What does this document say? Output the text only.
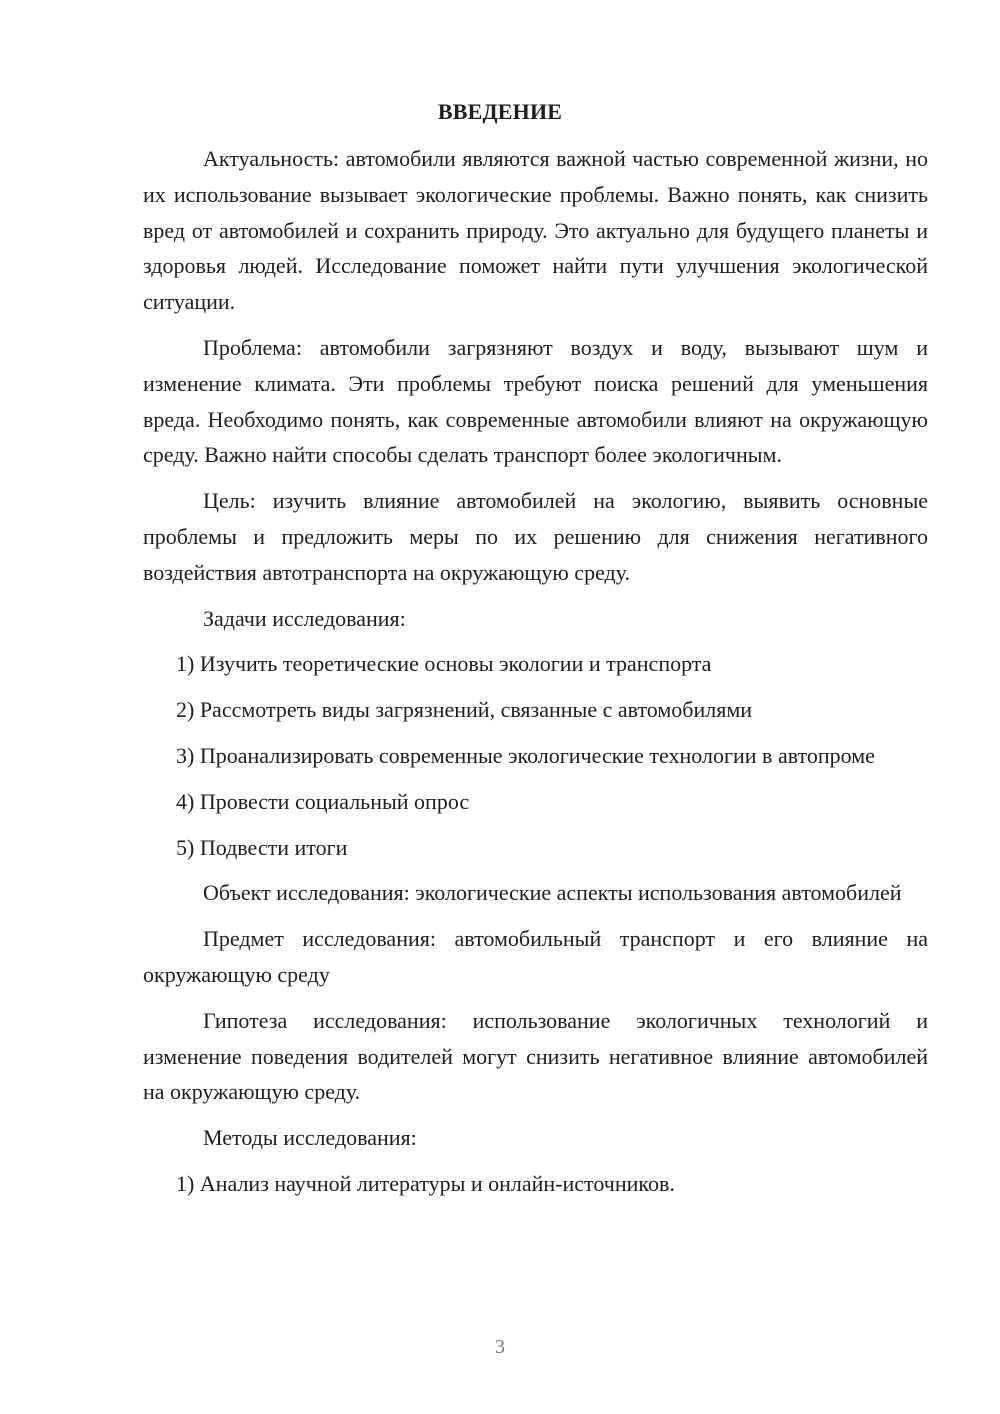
ВВЕДЕНИЕ

Актуальность: автомобили являются важной частью современной жизни, но их использование вызывает экологические проблемы. Важно понять, как снизить вред от автомобилей и сохранить природу. Это актуально для будущего планеты и здоровья людей. Исследование поможет найти пути улучшения экологической ситуации.

Проблема: автомобили загрязняют воздух и воду, вызывают шум и изменение климата. Эти проблемы требуют поиска решений для уменьшения вреда. Необходимо понять, как современные автомобили влияют на окружающую среду. Важно найти способы сделать транспорт более экологичным.

Цель: изучить влияние автомобилей на экологию, выявить основные проблемы и предложить меры по их решению для снижения негативного воздействия автотранспорта на окружающую среду.

Задачи исследования:

1) Изучить теоретические основы экологии и транспорта

2) Рассмотреть виды загрязнений, связанные с автомобилями

3) Проанализировать современные экологические технологии в автопроме

4) Провести социальный опрос

5) Подвести итоги

Объект исследования: экологические аспекты использования автомобилей

Предмет исследования: автомобильный транспорт и его влияние на окружающую среду

Гипотеза исследования: использование экологичных технологий и изменение поведения водителей могут снизить негативное влияние автомобилей на окружающую среду.

Методы исследования:

1) Анализ научной литературы и онлайн-источников.

3
